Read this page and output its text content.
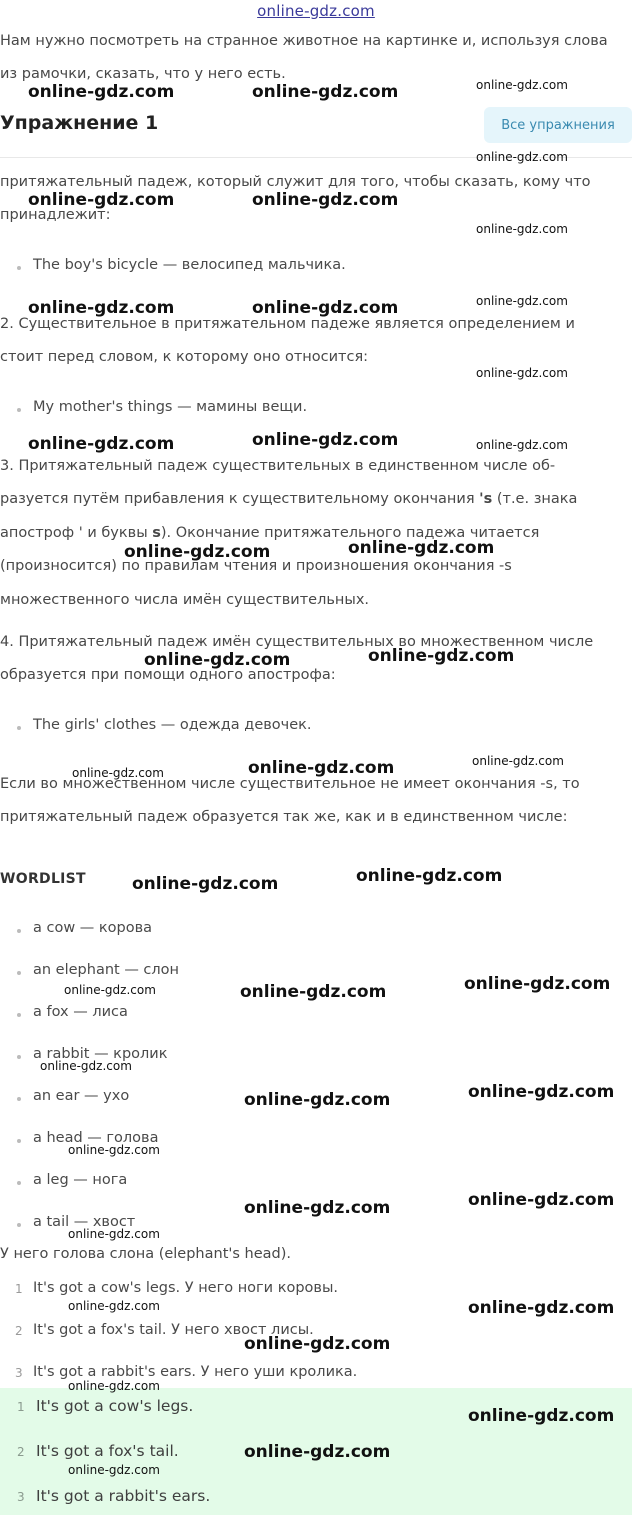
online-gdz.com
Нам нужно посмотреть на странное животное на картинке и, используя слова
из рамочки, сказать, что у него есть.
Упражнение 1	Все упражнения
притяжательный падеж, который служит для того, чтобы сказать, кому что
принадлежит:
The boy's bicycle — велосипед мальчика.
2. Существительное в притяжательном падеже является определением и
стоит перед словом, к которому оно относится:
My mother's things — мамины вещи.
3. Притяжательный падеж существительных в единственном числе об-
разуется путём прибавления к существительному окончания 's (т.е. знака
апостроф ' и буквы s). Окончание притяжательного падежа читается
(произносится) по правилам чтения и произношения окончания -s
множественного числа имён существительных.
4. Притяжательный падеж имён существительных во множественном числе
образуется при помощи одного апострофа:
The girls' clothes — одежда девочек.
Если во множественном числе существительное не имеет окончания -s, то
притяжательный падеж образуется так же, как и в единственном числе:
WORDLIST
a cow — корова
an elephant — слон
a fox — лиса
a rabbit — кролик
an ear — ухо
a head — голова
a leg — нога
a tail — хвост
У него голова слона (elephant's head).
1 It's got a cow's legs. У него ноги коровы.
2 It's got a fox's tail. У него хвост лисы.
3 It's got a rabbit's ears. У него уши кролика.
1 It's got a cow's legs.
2 It's got a fox's tail.
3 It's got a rabbit's ears.
online-gdz.com	online-gdz.com	online-gdz.com
online-gdz.com
online-gdz.com	online-gdz.com
online-gdz.com
online-gdz.com	online-gdz.com	online-gdz.com
online-gdz.com
online-gdz.com	online-gdz.com	online-gdz.com
online-gdz.com	online-gdz.com
online-gdz.com	online-gdz.com
online-gdz.com
online-gdz.com	online-gdz.com
online-gdz.com	online-gdz.com
online-gdz.com	online-gdz.com	online-gdz.com
online-gdz.com
online-gdz.com	online-gdz.com
online-gdz.com
online-gdz.com	online-gdz.com
online-gdz.com
online-gdz.com	online-gdz.com
online-gdz.com
online-gdz.com
online-gdz.com
online-gdz.com
online-gdz.com
